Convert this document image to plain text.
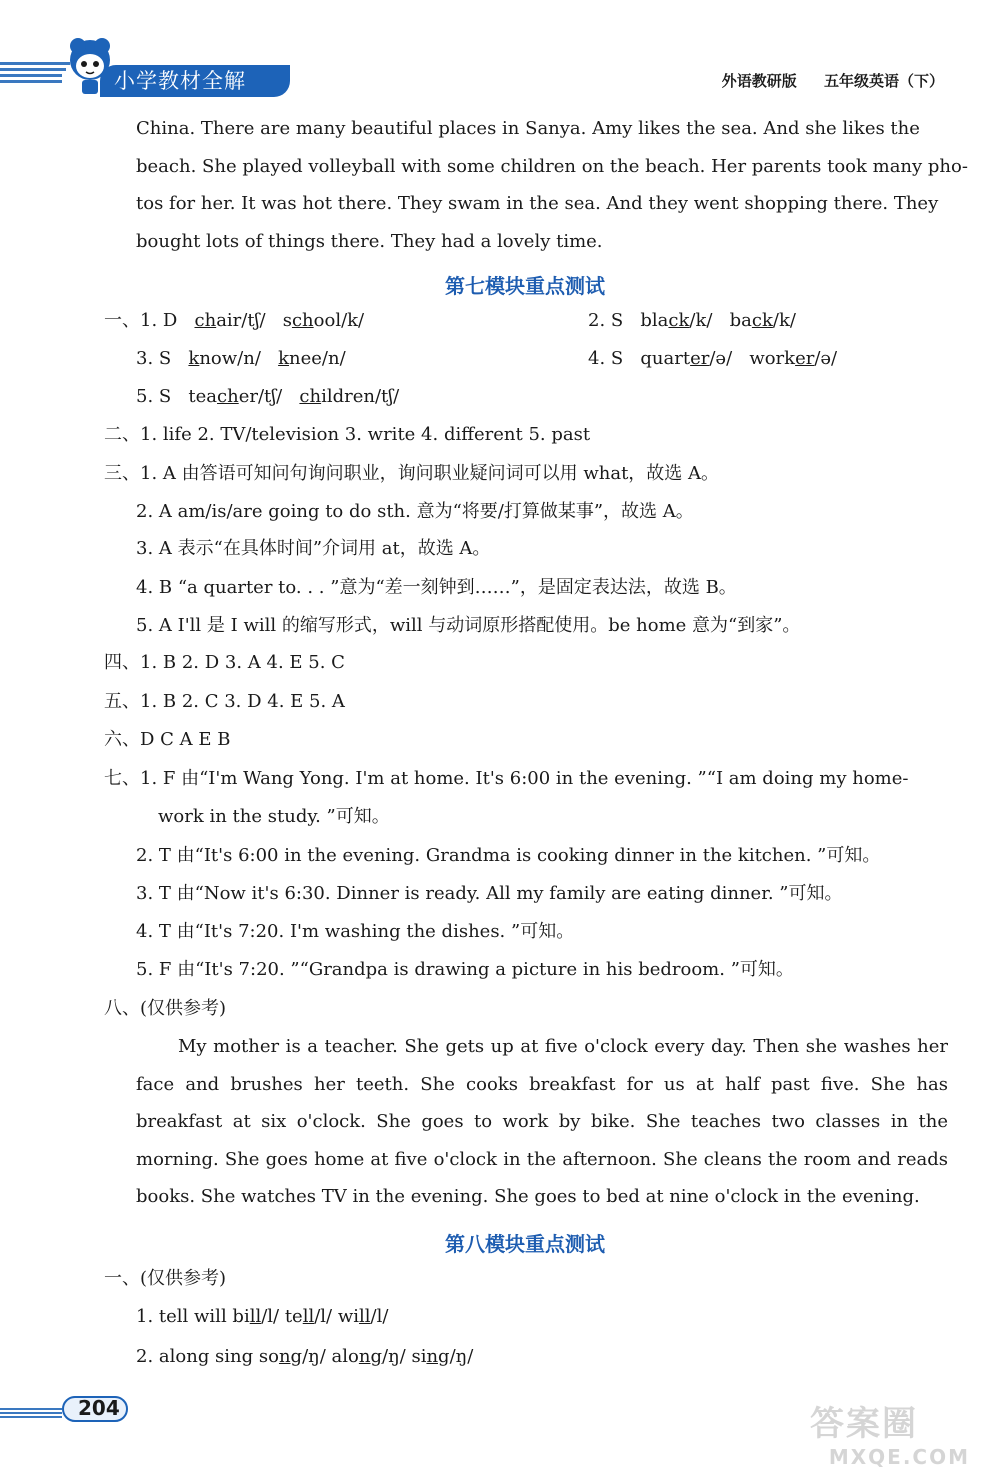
小学教材全解	外语教研版 五年级英语（下）
China. There are many beautiful places in Sanya. Amy likes the sea. And she likes the
beach. She played volleyball with some children on the beach. Her parents took many pho-
tos for her. It was hot there. They swam in the sea. And they went shopping there. They
bought lots of things there. They had a lovely time.
第七模块重点测试
一、1. D chair/tʃ/ school/k/	2. S black/k/ back/k/
3. S know/n/ knee/n/	4. S quarter/ə/ worker/ə/
5. S teacher/tʃ/ children/tʃ/
二、1. life 2. TV/television 3. write 4. different 5. past
三、1. A 由答语可知问句询问职业，询问职业疑问词可以用 what，故选 A。
2. A am/is/are going to do sth. 意为“将要/打算做某事”，故选 A。
3. A 表示“在具体时间”介词用 at，故选 A。
4. B “a quarter to. . . ”意为“差一刻钟到……”，是固定表达法，故选 B。
5. A I'll 是 I will 的缩写形式，will 与动词原形搭配使用。be home 意为“到家”。
四、1. B 2. D 3. A 4. E 5. C
五、1. B 2. C 3. D 4. E 5. A
六、D C A E B
七、1. F 由“I'm Wang Yong. I'm at home. It's 6:00 in the evening. ”“I am doing my home-
work in the study. ”可知。
2. T 由“It's 6:00 in the evening. Grandma is cooking dinner in the kitchen. ”可知。
3. T 由“Now it's 6:30. Dinner is ready. All my family are eating dinner. ”可知。
4. T 由“It's 7:20. I'm washing the dishes. ”可知。
5. F 由“It's 7:20. ”“Grandpa is drawing a picture in his bedroom. ”可知。
八、(仅供参考)
My mother is a teacher. She gets up at five o'clock every day. Then she washes her face and brushes her teeth. She cooks breakfast for us at half past five. She has breakfast at six o'clock. She goes to work by bike. She teaches two classes in the morning. She goes home at five o'clock in the afternoon. She cleans the room and reads books. She watches TV in the evening. She goes to bed at nine o'clock in the evening.
第八模块重点测试
一、(仅供参考)
1. tell will bill/l/ tell/l/ will/l/
2. along sing song/ŋ/ along/ŋ/ sing/ŋ/
204	答案圈
MXQE.COM
